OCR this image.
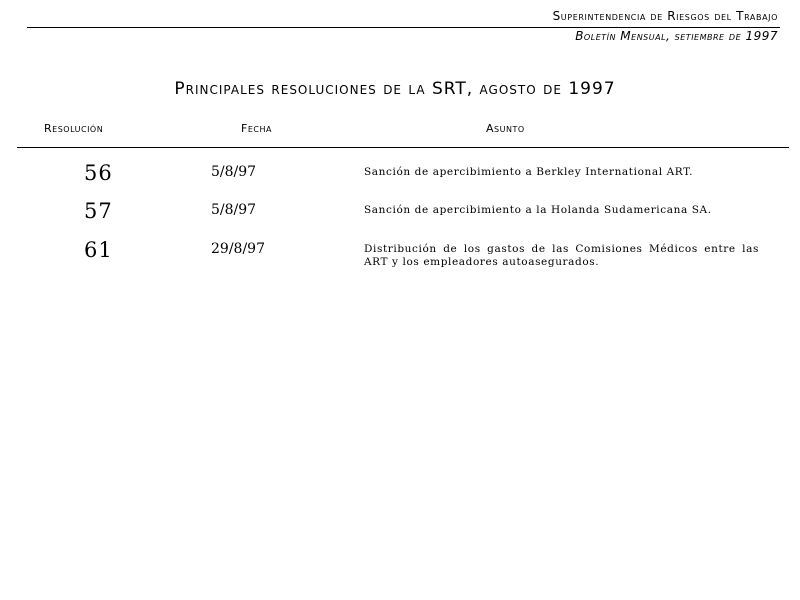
Superintendencia de Riesgos del Trabajo
Boletín Mensual, setiembre de 1997
Principales resoluciones de la SRT, agosto de 1997
Resolución	Fecha	Asunto
56	5/8/97	Sanción de apercibimiento a Berkley International ART.
57	5/8/97	Sanción de apercibimiento a la Holanda Sudamericana SA.
61	29/8/97	Distribución de los gastos de las Comisiones Médicos entre las ART y los empleadores autoasegurados.
